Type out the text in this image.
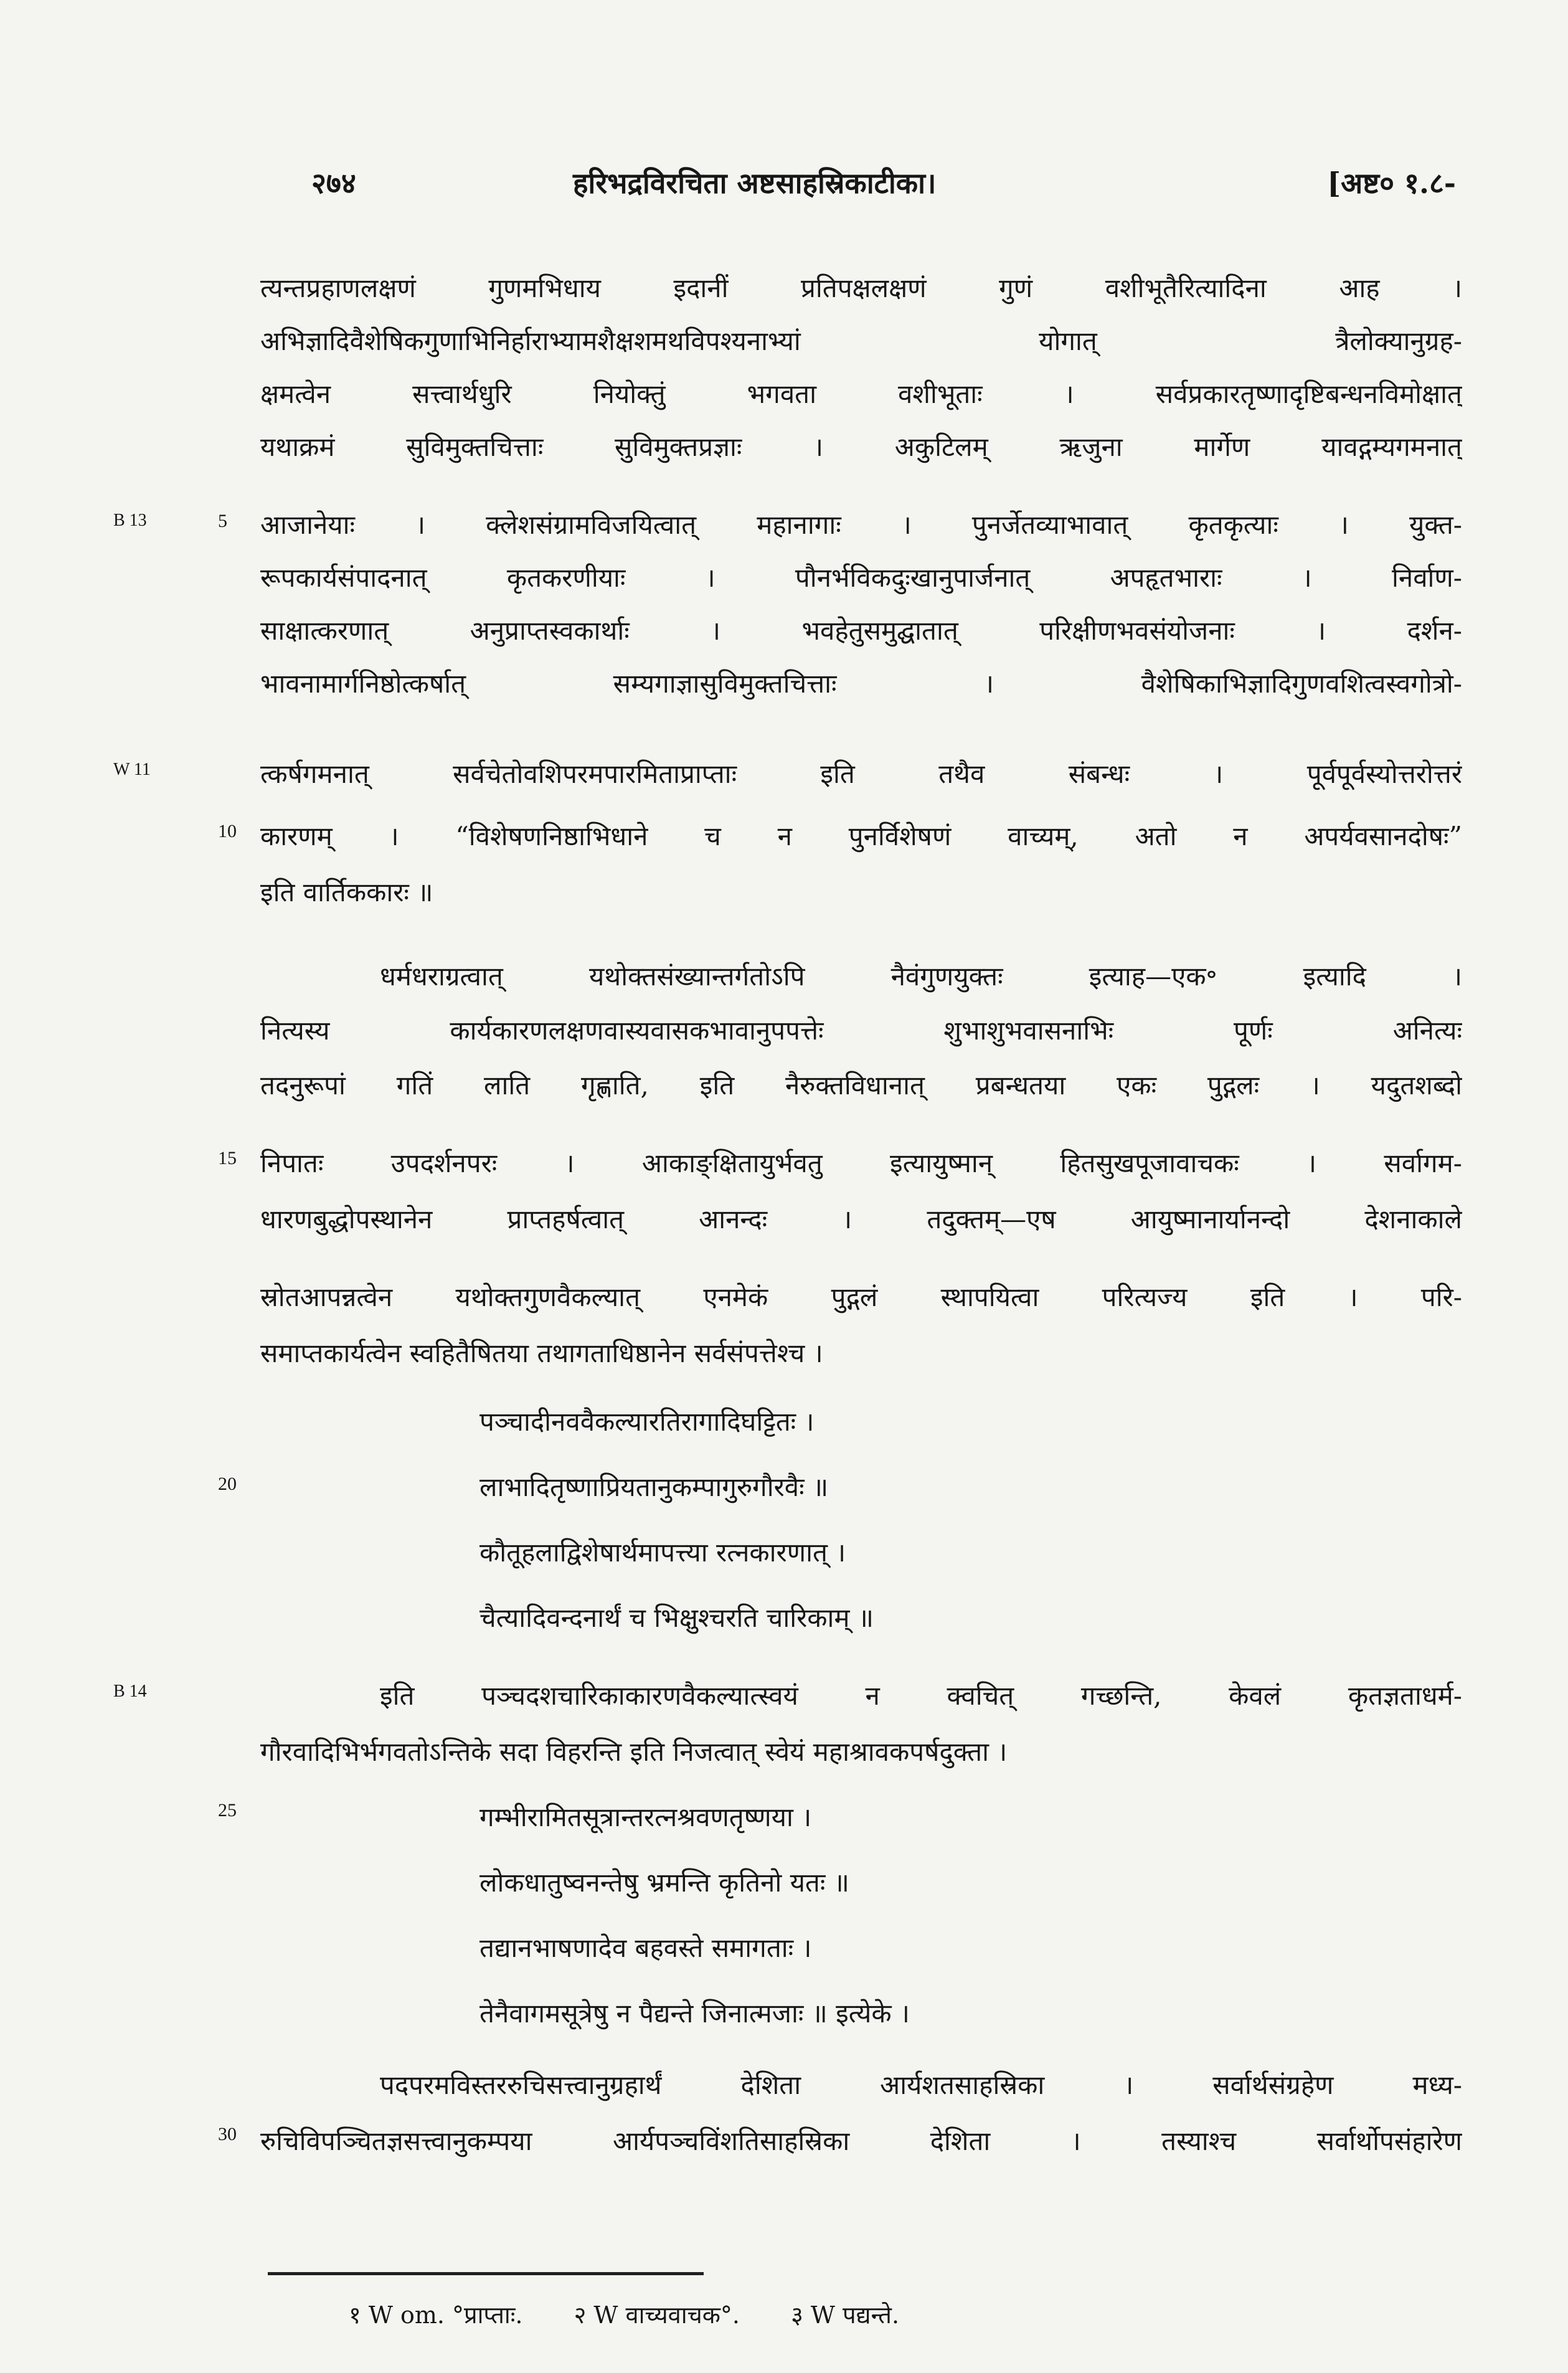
२७४	हरिभद्रविरचिता अष्टसाहस्रिकाटीका।	[अष्ट० १.८-
B 13
W 11
B 14
5
10
15
20
25
30
त्यन्तप्रहाणलक्षणं गुणमभिधाय इदानीं प्रतिपक्षलक्षणं गुणं वशीभूतैरित्यादिना आह ।
अभिज्ञादिवैशेषिकगुणाभिनिर्हाराभ्यामशैक्षशमथविपश्यनाभ्यां योगात् त्रैलोक्यानुग्रह-
क्षमत्वेन सत्त्वार्थधुरि नियोक्तुं भगवता वशीभूताः । सर्वप्रकारतृष्णादृष्टिबन्धनविमोक्षात्
यथाक्रमं सुविमुक्तचित्ताः सुविमुक्तप्रज्ञाः । अकुटिलम् ऋजुना मार्गेण यावद्गम्यगमनात्
आजानेयाः । क्लेशसंग्रामविजयित्वात् महानागाः । पुनर्जेतव्याभावात् कृतकृत्याः । युक्त-
रूपकार्यसंपादनात् कृतकरणीयाः । पौनर्भविकदुःखानुपार्जनात् अपहृतभाराः । निर्वाण-
साक्षात्करणात् अनुप्राप्तस्वकार्थाः । भवहेतुसमुद्घातात् परिक्षीणभवसंयोजनाः । दर्शन-
भावनामार्गनिष्ठोत्कर्षात् सम्यगाज्ञासुविमुक्तचित्ताः । वैशेषिकाभिज्ञादिगुणवशित्वस्वगोत्रो-
त्कर्षगमनात् सर्वचेतोवशिपरमपारमिताप्राप्ताः इति तथैव संबन्धः । पूर्वपूर्वस्योत्तरोत्तरं
कारणम् । “विशेषणनिष्ठाभिधाने च न पुनर्विशेषणं वाच्यम्, अतो न अपर्यवसानदोषः”
इति वार्तिककारः ॥
धर्मधराग्रत्वात् यथोक्तसंख्यान्तर्गतोऽपि नैवंगुणयुक्तः इत्याह—एक॰ इत्यादि ।
नित्यस्य कार्यकारणलक्षणवास्यवासकभावानुपपत्तेः शुभाशुभवासनाभिः पूर्णः अनित्यः
तदनुरूपां गतिं लाति गृह्णाति, इति नैरुक्तविधानात् प्रबन्धतया एकः पुद्गलः । यदुतशब्दो
निपातः उपदर्शनपरः । आकाङ्क्षितायुर्भवतु इत्यायुष्मान् हितसुखपूजावाचकः । सर्वागम-
धारणबुद्धोपस्थानेन प्राप्तहर्षत्वात् आनन्दः । तदुक्तम्—एष आयुष्मानार्यानन्दो देशनाकाले
स्रोतआपन्नत्वेन यथोक्तगुणवैकल्यात् एनमेकं पुद्गलं स्थापयित्वा परित्यज्य इति । परि-
समाप्तकार्यत्वेन स्वहितैषितया तथागताधिष्ठानेन सर्वसंपत्तेश्च ।
पञ्चादीनववैकल्यारतिरागादिघट्टितः ।
लाभादितृष्णाप्रियतानुकम्पागुरुगौरवैः ॥
कौतूहलाद्विशेषार्थमापत्त्या रत्नकारणात् ।
चैत्यादिवन्दनार्थं च भिक्षुश्चरति चारिकाम् ॥
इति पञ्चदशचारिकाकारणवैकल्यात्स्वयं न क्वचित् गच्छन्ति, केवलं कृतज्ञताधर्म-
गौरवादिभिर्भगवतोऽन्तिके सदा विहरन्ति इति निजत्वात् स्वेयं महाश्रावकपर्षदुक्ता ।
गम्भीरामितसूत्रान्तरत्नश्रवणतृष्णया ।
लोकधातुष्वनन्तेषु भ्रमन्ति कृतिनो यतः ॥
तद्यानभाषणादेव बहवस्ते समागताः ।
तेनैवागमसूत्रेषु न पैद्यन्ते जिनात्मजाः ॥ इत्येके ।
पदपरमविस्तररुचिसत्त्वानुग्रहार्थं देशिता आर्यशतसाहस्रिका । सर्वार्थसंग्रहेण मध्य-
रुचिविपञ्चितज्ञसत्त्वानुकम्पया आर्यपञ्चविंशतिसाहस्रिका देशिता । तस्याश्च सर्वार्थोपसंहारेण
१ W om. °प्राप्ताः. २ W वाच्यवाचक°. ३ W पद्यन्ते.
